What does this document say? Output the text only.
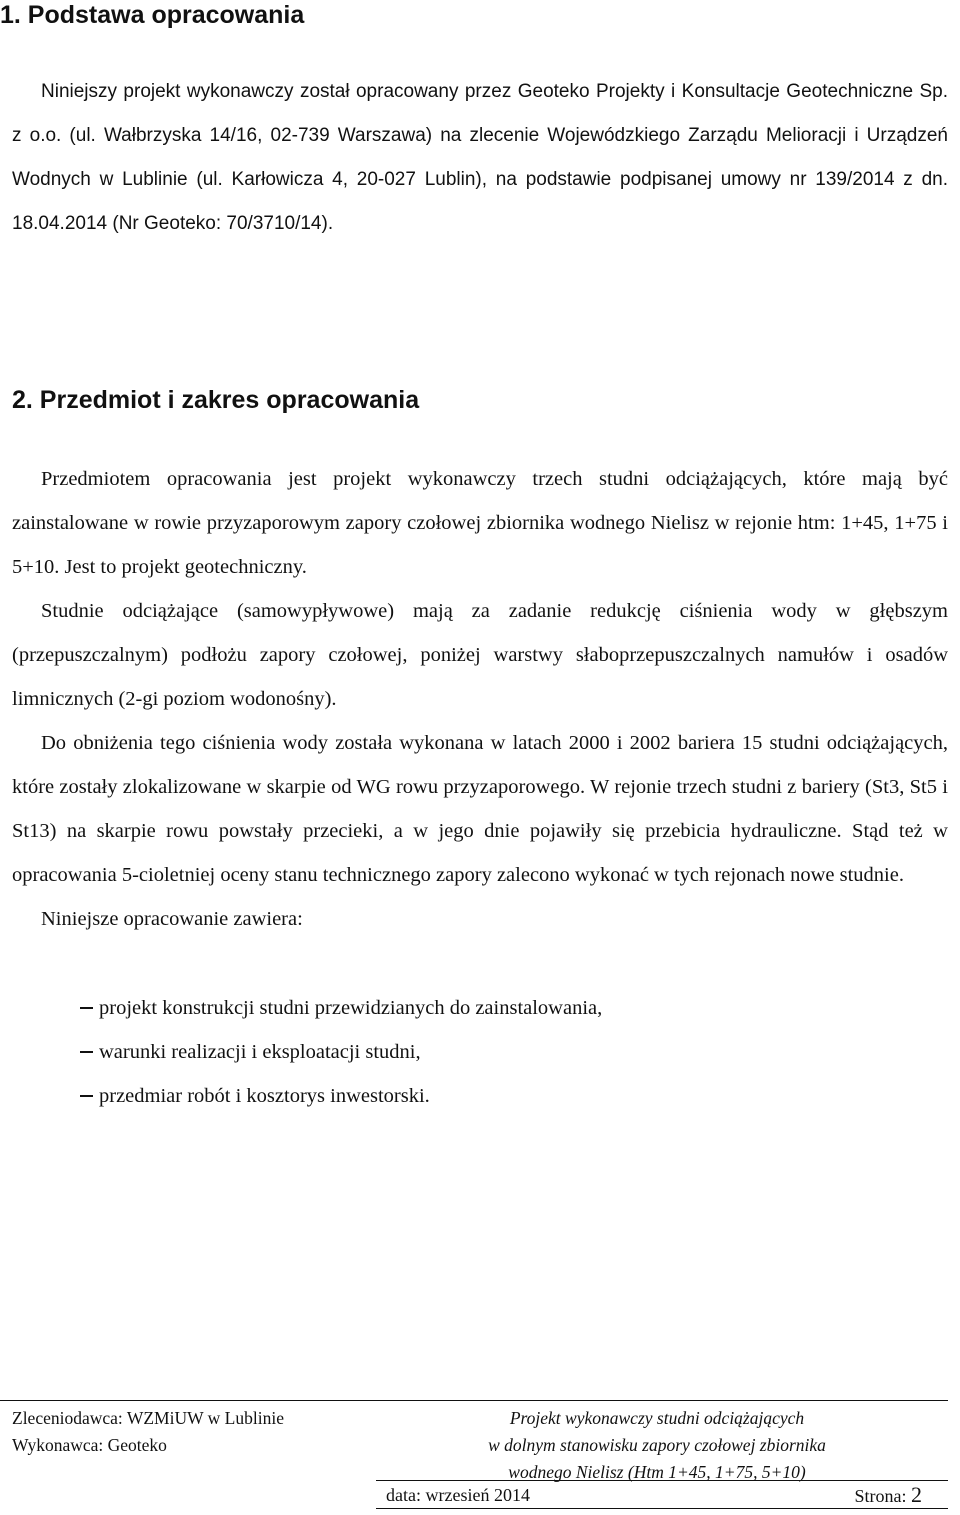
1. Podstawa opracowania

Niniejszy projekt wykonawczy został opracowany przez Geoteko Projekty i Konsultacje Geotechniczne Sp. z o.o. (ul. Wałbrzyska 14/16, 02-739 Warszawa) na zlecenie Wojewódzkiego Zarządu Melioracji i Urządzeń Wodnych w Lublinie (ul. Karłowicza 4, 20-027 Lublin), na podstawie podpisanej umowy nr 139/2014 z dn. 18.04.2014 (Nr Geoteko: 70/3710/14).

2. Przedmiot i zakres opracowania

Przedmiotem opracowania jest projekt wykonawczy trzech studni odciążających, które mają być zainstalowane w rowie przyzaporowym zapory czołowej zbiornika wodnego Nielisz w rejonie htm: 1+45, 1+75 i 5+10. Jest to projekt geotechniczny.

Studnie odciążające (samowypływowe) mają za zadanie redukcję ciśnienia wody w głębszym (przepuszczalnym) podłożu zapory czołowej, poniżej warstwy słaboprzepuszczalnych namułów i osadów limnicznych (2-gi poziom wodonośny).

Do obniżenia tego ciśnienia wody została wykonana w latach 2000 i 2002 bariera 15 studni odciążających, które zostały zlokalizowane w skarpie od WG rowu przyzaporowego. W rejonie trzech studni z bariery (St3, St5 i St13) na skarpie rowu powstały przecieki, a w jego dnie pojawiły się przebicia hydrauliczne. Stąd też w opracowania 5-cioletniej oceny stanu technicznego zapory zalecono wykonać w tych rejonach nowe studnie.

Niniejsze opracowanie zawiera:

projekt konstrukcji studni przewidzianych do zainstalowania,
warunki realizacji i eksploatacji studni,
przedmiar robót i kosztorys inwestorski.
Zleceniodawca: WZMiUW w Lublinie
Wykonawca: Geoteko
Projekt wykonawczy studni odciążających
w dolnym stanowisku zapory czołowej zbiornika
wodnego Nielisz (Htm 1+45, 1+75, 5+10)
data: wrzesień 2014	Strona: 2
